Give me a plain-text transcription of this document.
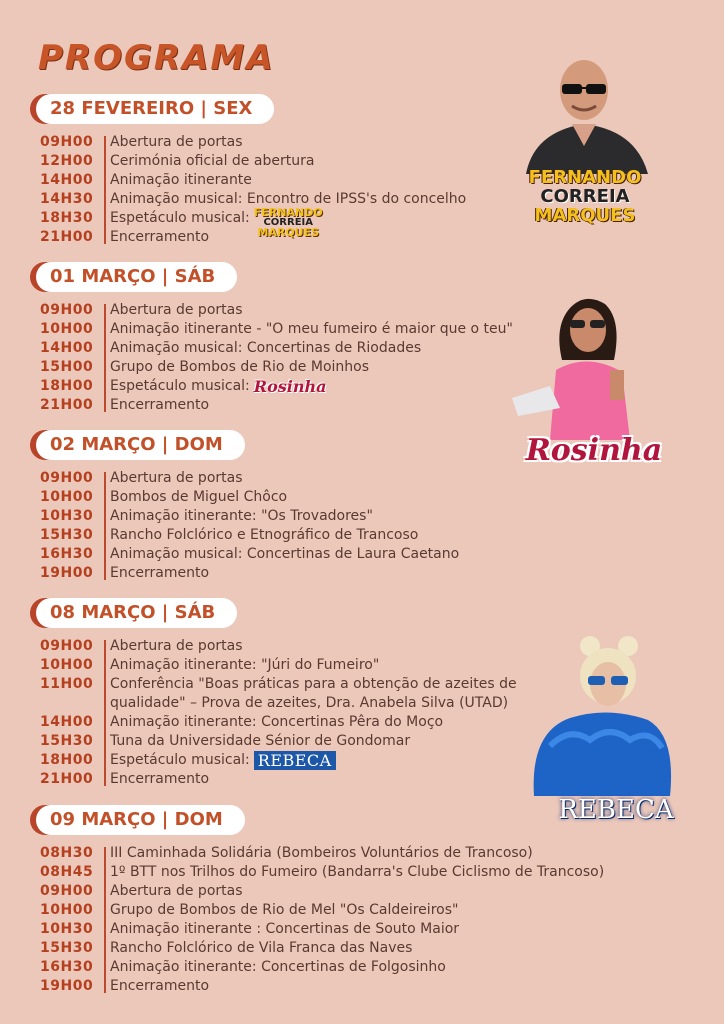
PROGRAMA
28 FEVEREIRO | SEX
09H00	Abertura de portas
12H00	Cerimónia oficial de abertura
14H00	Animação itinerante
14H30	Animação musical: Encontro de IPSS's do concelho
18H30	Espetáculo musical: FERNANDO
CORREIA
MARQUES
21H00	Encerramento
01 MARÇO | SÁB
09H00	Abertura de portas
10H00	Animação itinerante - "O meu fumeiro é maior que o teu"
14H00	Animação musical: Concertinas de Riodades
15H00	Grupo de Bombos de Rio de Moinhos
18H00	Espetáculo musical: Rosinha
21H00	Encerramento
02 MARÇO | DOM
09H00	Abertura de portas
10H00	Bombos de Miguel Chôco
10H30	Animação itinerante: "Os Trovadores"
15H30	Rancho Folclórico e Etnográfico de Trancoso
16H30	Animação musical: Concertinas de Laura Caetano
19H00	Encerramento
08 MARÇO | SÁB
09H00	Abertura de portas
10H00	Animação itinerante: "Júri do Fumeiro"
11H00	Conferência "Boas práticas para a obtenção de azeites de qualidade" – Prova de azeites, Dra. Anabela Silva (UTAD)
14H00	Animação itinerante: Concertinas Pêra do Moço
15H30	Tuna da Universidade Sénior de Gondomar
18H00	Espetáculo musical: REBECA
21H00	Encerramento
09 MARÇO | DOM
08H30	III Caminhada Solidária (Bombeiros Voluntários de Trancoso)
08H45	1º BTT nos Trilhos do Fumeiro (Bandarra's Clube Ciclismo de Trancoso)
09H00	Abertura de portas
10H00	Grupo de Bombos de Rio de Mel "Os Caldeireiros"
10H30	Animação itinerante : Concertinas de Souto Maior
15H30	Rancho Folclórico de Vila Franca das Naves
16H30	Animação itinerante: Concertinas de Folgosinho
19H00	Encerramento
FERNANDO
CORREIA
MARQUES
Rosinha
REBECA
